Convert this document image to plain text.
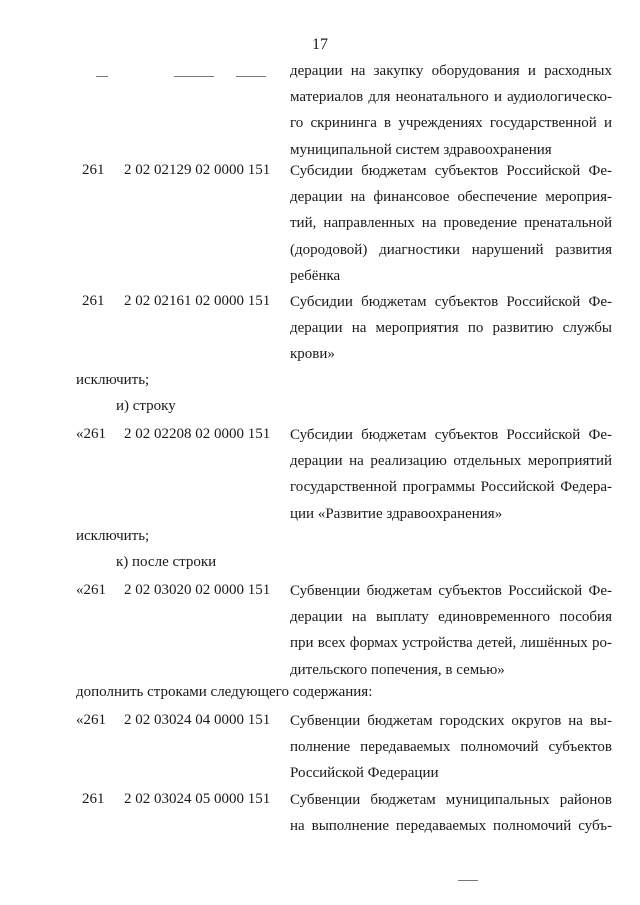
17
дерации на закупку оборудования и расходных
материалов для неонатального и аудиологическо-
го скрининга в учреждениях государственной и
муниципальной систем здравоохранения
261 2 02 02129 02 0000 151 Субсидии бюджетам субъектов Российской Фе-
дерации на финансовое обеспечение мероприя-
тий, направленных на проведение пренатальной
(дородовой) диагностики нарушений развития
ребёнка
261 2 02 02161 02 0000 151 Субсидии бюджетам субъектов Российской Фе-
дерации на мероприятия по развитию службы
крови»
исключить;
и) строку
«261 2 02 02208 02 0000 151 Субсидии бюджетам субъектов Российской Фе-
дерации на реализацию отдельных мероприятий
государственной программы Российской Федера-
ции «Развитие здравоохранения»
исключить;
к) после строки
«261 2 02 03020 02 0000 151 Субвенции бюджетам субъектов Российской Фе-
дерации на выплату единовременного пособия
при всех формах устройства детей, лишённых ро-
дительского попечения, в семью»
дополнить строками следующего содержания:
«261 2 02 03024 04 0000 151 Субвенции бюджетам городских округов на вы-
полнение передаваемых полномочий субъектов
Российской Федерации
261 2 02 03024 05 0000 151 Субвенции бюджетам муниципальных районов
на выполнение передаваемых полномочий субъ-
